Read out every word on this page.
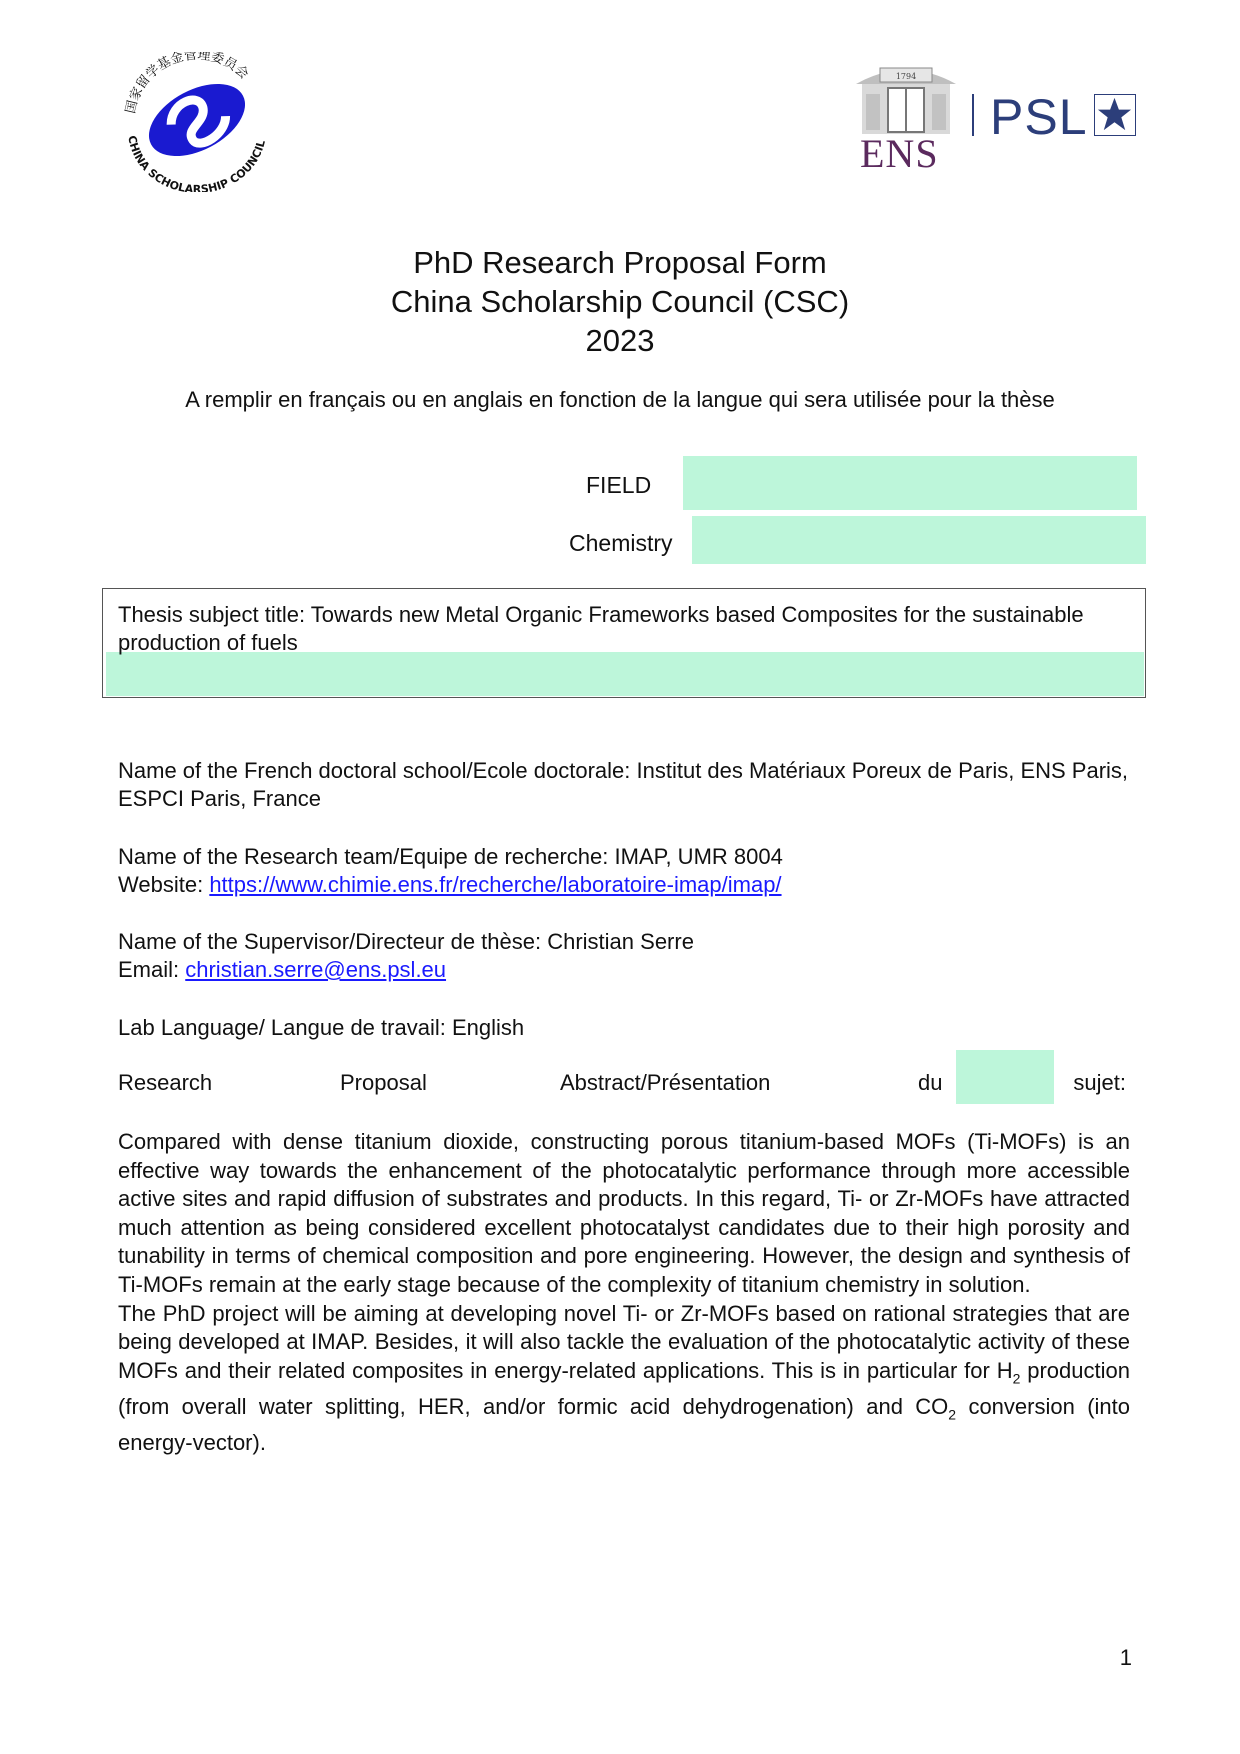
国家留学基金管理委员会
CHINA SCHOLARSHIP COUNCIL
1794
ENS
PSL
PhD Research Proposal Form
China Scholarship Council (CSC)
2023
A remplir en français ou en anglais en fonction de la langue qui sera utilisée pour la thèse
FIELD
Chemistry
Thesis subject title: Towards new Metal Organic Frameworks based Composites for the sustainable production of fuels
Name of the French doctoral school/Ecole doctorale: Institut des Matériaux Poreux de Paris, ENS Paris, ESPCI Paris, France
Name of the Research team/Equipe de recherche: IMAP, UMR 8004
Website: https://www.chimie.ens.fr/recherche/laboratoire-imap/imap/
Name of the Supervisor/Directeur de thèse: Christian Serre
Email: christian.serre@ens.psl.eu
Lab Language/ Langue de travail: English
Research	Proposal	Abstract/Présentation	du	sujet:

Compared with dense titanium dioxide, constructing porous titanium-based MOFs (Ti-MOFs) is an effective way towards the enhancement of the photocatalytic performance through more accessible active sites and rapid diffusion of substrates and products. In this regard, Ti- or Zr-MOFs have attracted much attention as being considered excellent photocatalyst candidates due to their high porosity and tunability in terms of chemical composition and pore engineering. However, the design and synthesis of Ti-MOFs remain at the early stage because of the complexity of titanium chemistry in solution.

The PhD project will be aiming at developing novel Ti- or Zr-MOFs based on rational strategies that are being developed at IMAP. Besides, it will also tackle the evaluation of the photocatalytic activity of these MOFs and their related composites in energy-related applications. This is in particular for $H_2$ production (from overall water splitting, HER, and/or formic acid dehydrogenation) and $CO_2$ conversion (into energy-vector).

1
